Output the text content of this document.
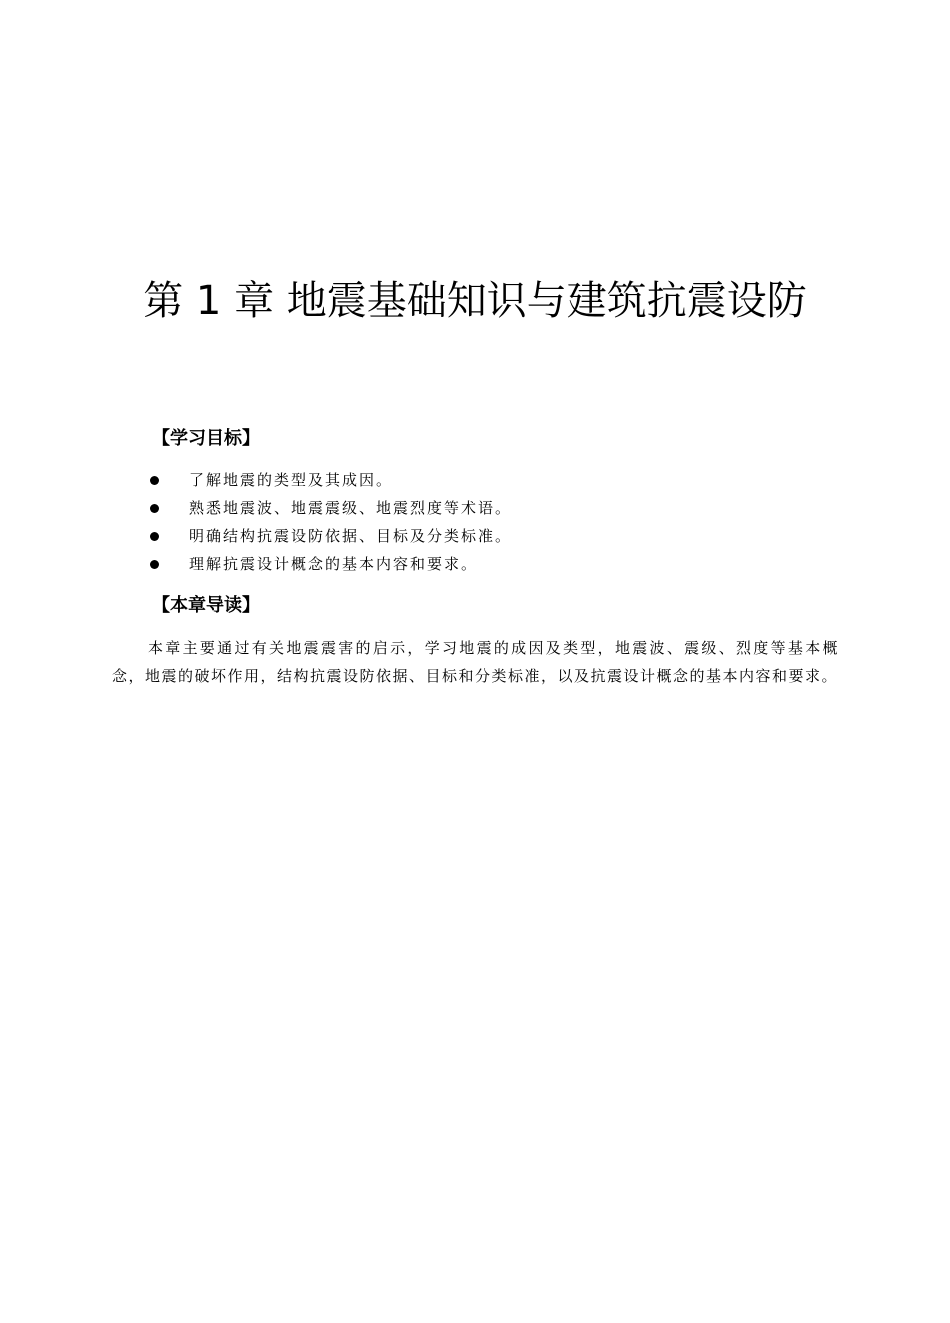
第 1 章 地震基础知识与建筑抗震设防
【学习目标】
了解地震的类型及其成因。
熟悉地震波、地震震级、地震烈度等术语。
明确结构抗震设防依据、目标及分类标准。
理解抗震设计概念的基本内容和要求。
【本章导读】

本章主要通过有关地震震害的启示，学习地震的成因及类型，地震波、震级、烈度等基本概念，地震的破坏作用，结构抗震设防依据、目标和分类标准，以及抗震设计概念的基本内容和要求。
